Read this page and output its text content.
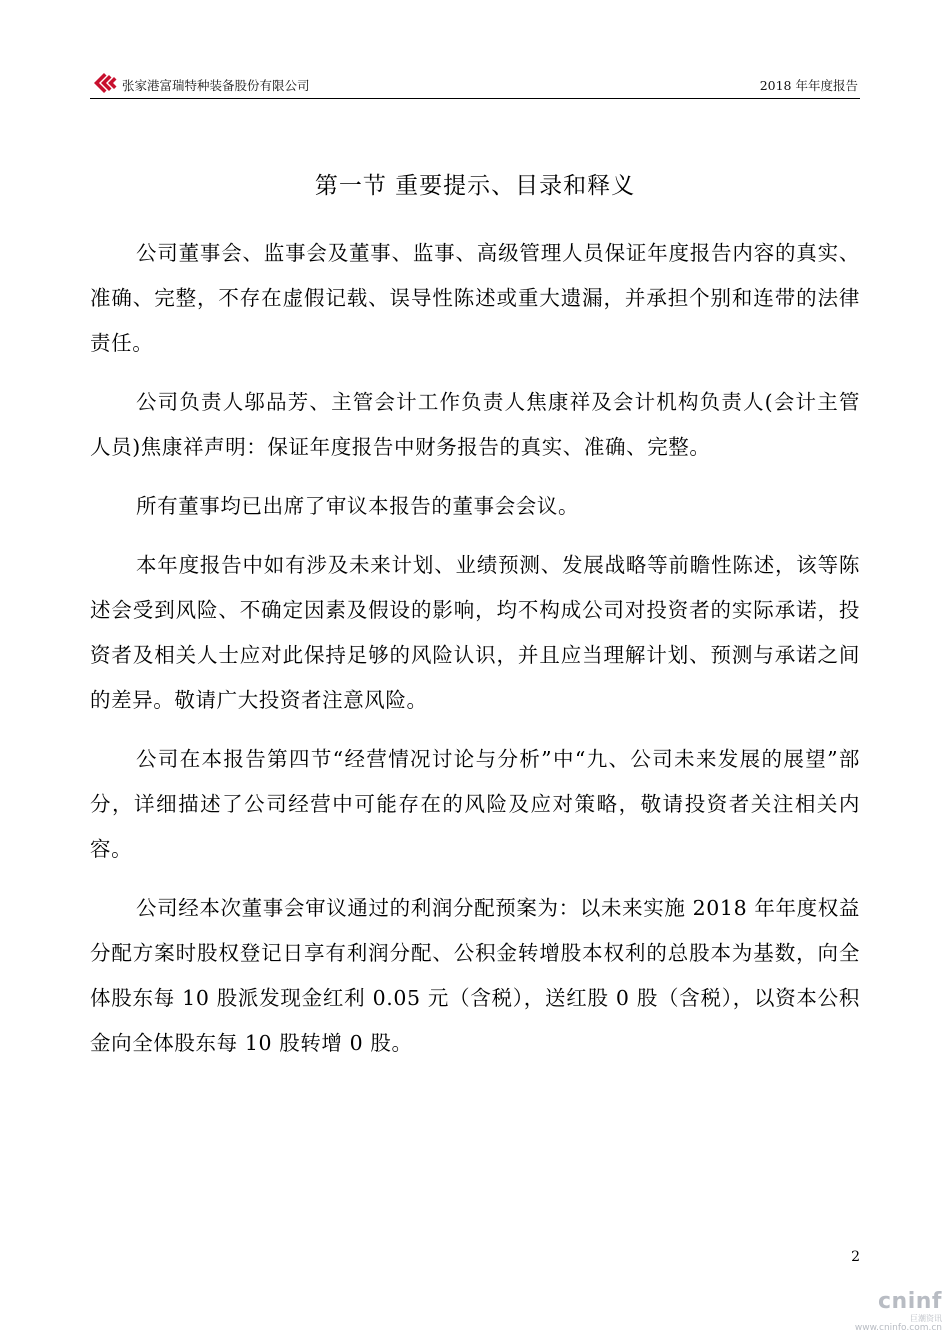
张家港富瑞特种装备股份有限公司	2018 年年度报告
第一节 重要提示、目录和释义

公司董事会、监事会及董事、监事、高级管理人员保证年度报告内容的真实、准确、完整，不存在虚假记载、误导性陈述或重大遗漏，并承担个别和连带的法律责任。

公司负责人邬品芳、主管会计工作负责人焦康祥及会计机构负责人(会计主管人员)焦康祥声明：保证年度报告中财务报告的真实、准确、完整。

所有董事均已出席了审议本报告的董事会会议。

本年度报告中如有涉及未来计划、业绩预测、发展战略等前瞻性陈述，该等陈述会受到风险、不确定因素及假设的影响，均不构成公司对投资者的实际承诺，投资者及相关人士应对此保持足够的风险认识，并且应当理解计划、预测与承诺之间的差异。敬请广大投资者注意风险。

公司在本报告第四节“经营情况讨论与分析”中“九、公司未来发展的展望”部分，详细描述了公司经营中可能存在的风险及应对策略，敬请投资者关注相关内容。

公司经本次董事会审议通过的利润分配预案为：以未来实施 2018 年年度权益分配方案时股权登记日享有利润分配、公积金转增股本权利的总股本为基数，向全体股东每 10 股派发现金红利 0.05 元（含税），送红股 0 股（含税），以资本公积金向全体股东每 10 股转增 0 股。

2
cninf
巨潮资讯
www.cninfo.com.cn
